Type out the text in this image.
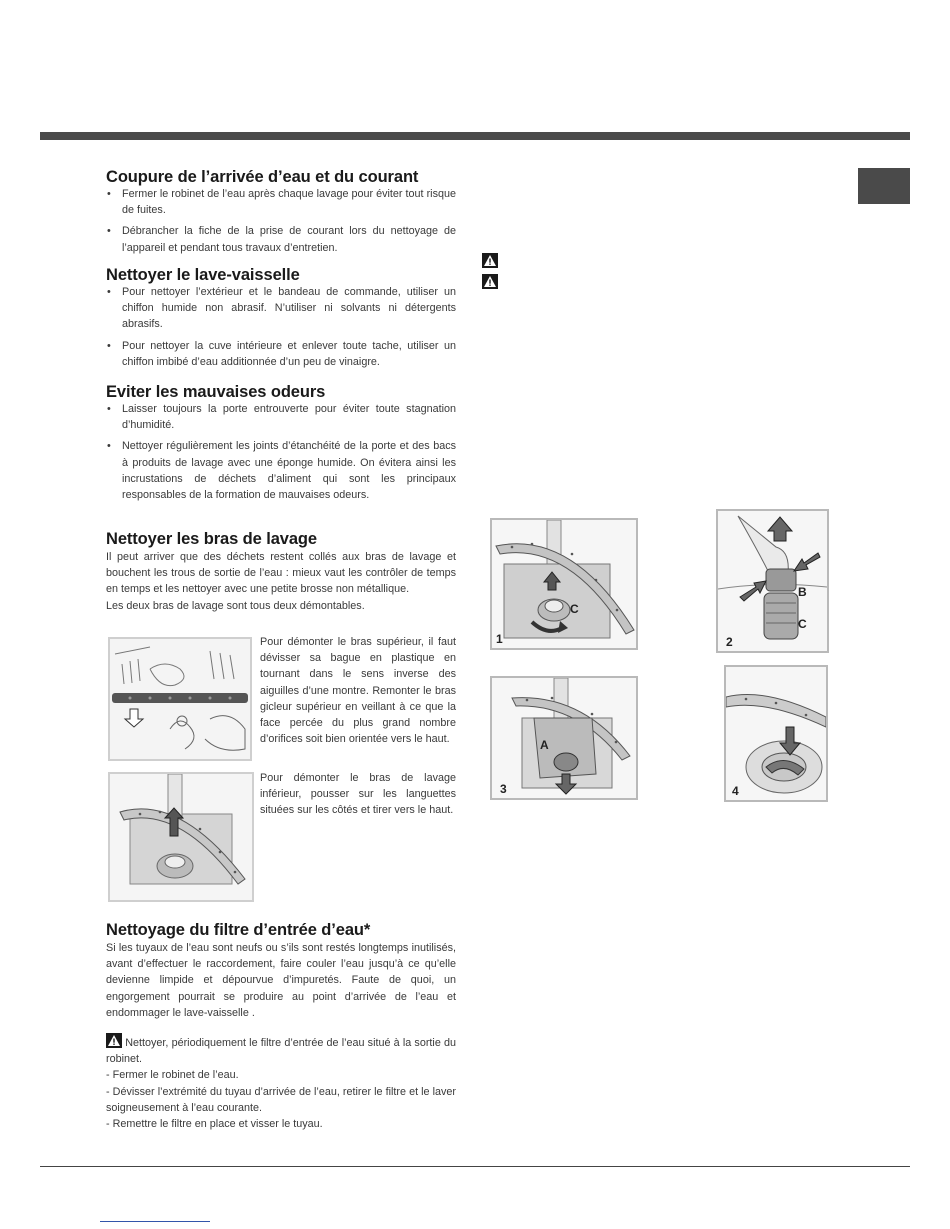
Coupure de l’arrivée d’eau et du courant
• Fermer le robinet de l’eau après chaque lavage pour éviter tout risque de fuites.
• Débrancher la fiche de la prise de courant lors du nettoyage de l’appareil et pendant tous travaux d’entretien.
Nettoyer le lave-vaisselle
• Pour nettoyer l’extérieur et le bandeau de commande, utiliser un chiffon humide non abrasif. N’utiliser ni solvants ni détergents abrasifs.
• Pour nettoyer la cuve intérieure et enlever toute tache, utiliser un chiffon imbibé d’eau additionnée d’un peu de vinaigre.
Eviter les mauvaises odeurs
• Laisser toujours la porte entrouverte pour éviter toute stagnation d’humidité.
• Nettoyer régulièrement les joints d’étanchéité de la porte et des bacs à produits de lavage avec une éponge humide. On évitera ainsi les incrustations de déchets d’aliment qui sont les principaux responsables de la formation de mauvaises odeurs.
Nettoyer les bras de lavage

Il peut arriver que des déchets restent collés aux bras de lavage et bouchent les trous de sortie de l’eau : mieux vaut les contrôler de temps en temps et les nettoyer avec une petite brosse non métallique.

Les deux bras de lavage sont tous deux démontables.

Pour démonter le bras supérieur, il faut dévisser sa bague en plastique en tournant dans le sens inverse des aiguilles d’une montre. Remonter le bras gicleur supérieur en veillant à ce que la face percée du plus grand nombre d’orifices soit bien orientée vers le haut.

Pour démonter le bras de lavage inférieur, pousser sur les languettes situées sur les côtés et tirer vers le haut.

Nettoyage du filtre d’entrée d’eau*

Si les tuyaux de l’eau sont neufs ou s’ils sont restés longtemps inutilisés, avant d’effectuer le raccordement, faire couler l’eau jusqu’à ce qu’elle devienne limpide et dépourvue d’impuretés. Faute de quoi, un engorgement pourrait se produire au point d’arrivée de l’eau et endommager le lave-vaisselle .

Nettoyer, périodiquement le filtre d’entrée de l’eau situé à la sortie du robinet.

- Fermer le robinet de l’eau.

- Dévisser l’extrémité du tuyau d’arrivée de l’eau, retirer le filtre et le laver soigneusement à l’eau courante.

- Remettre le filtre en place et visser le tuyau.

C
1
B
C
2
A
3	4
